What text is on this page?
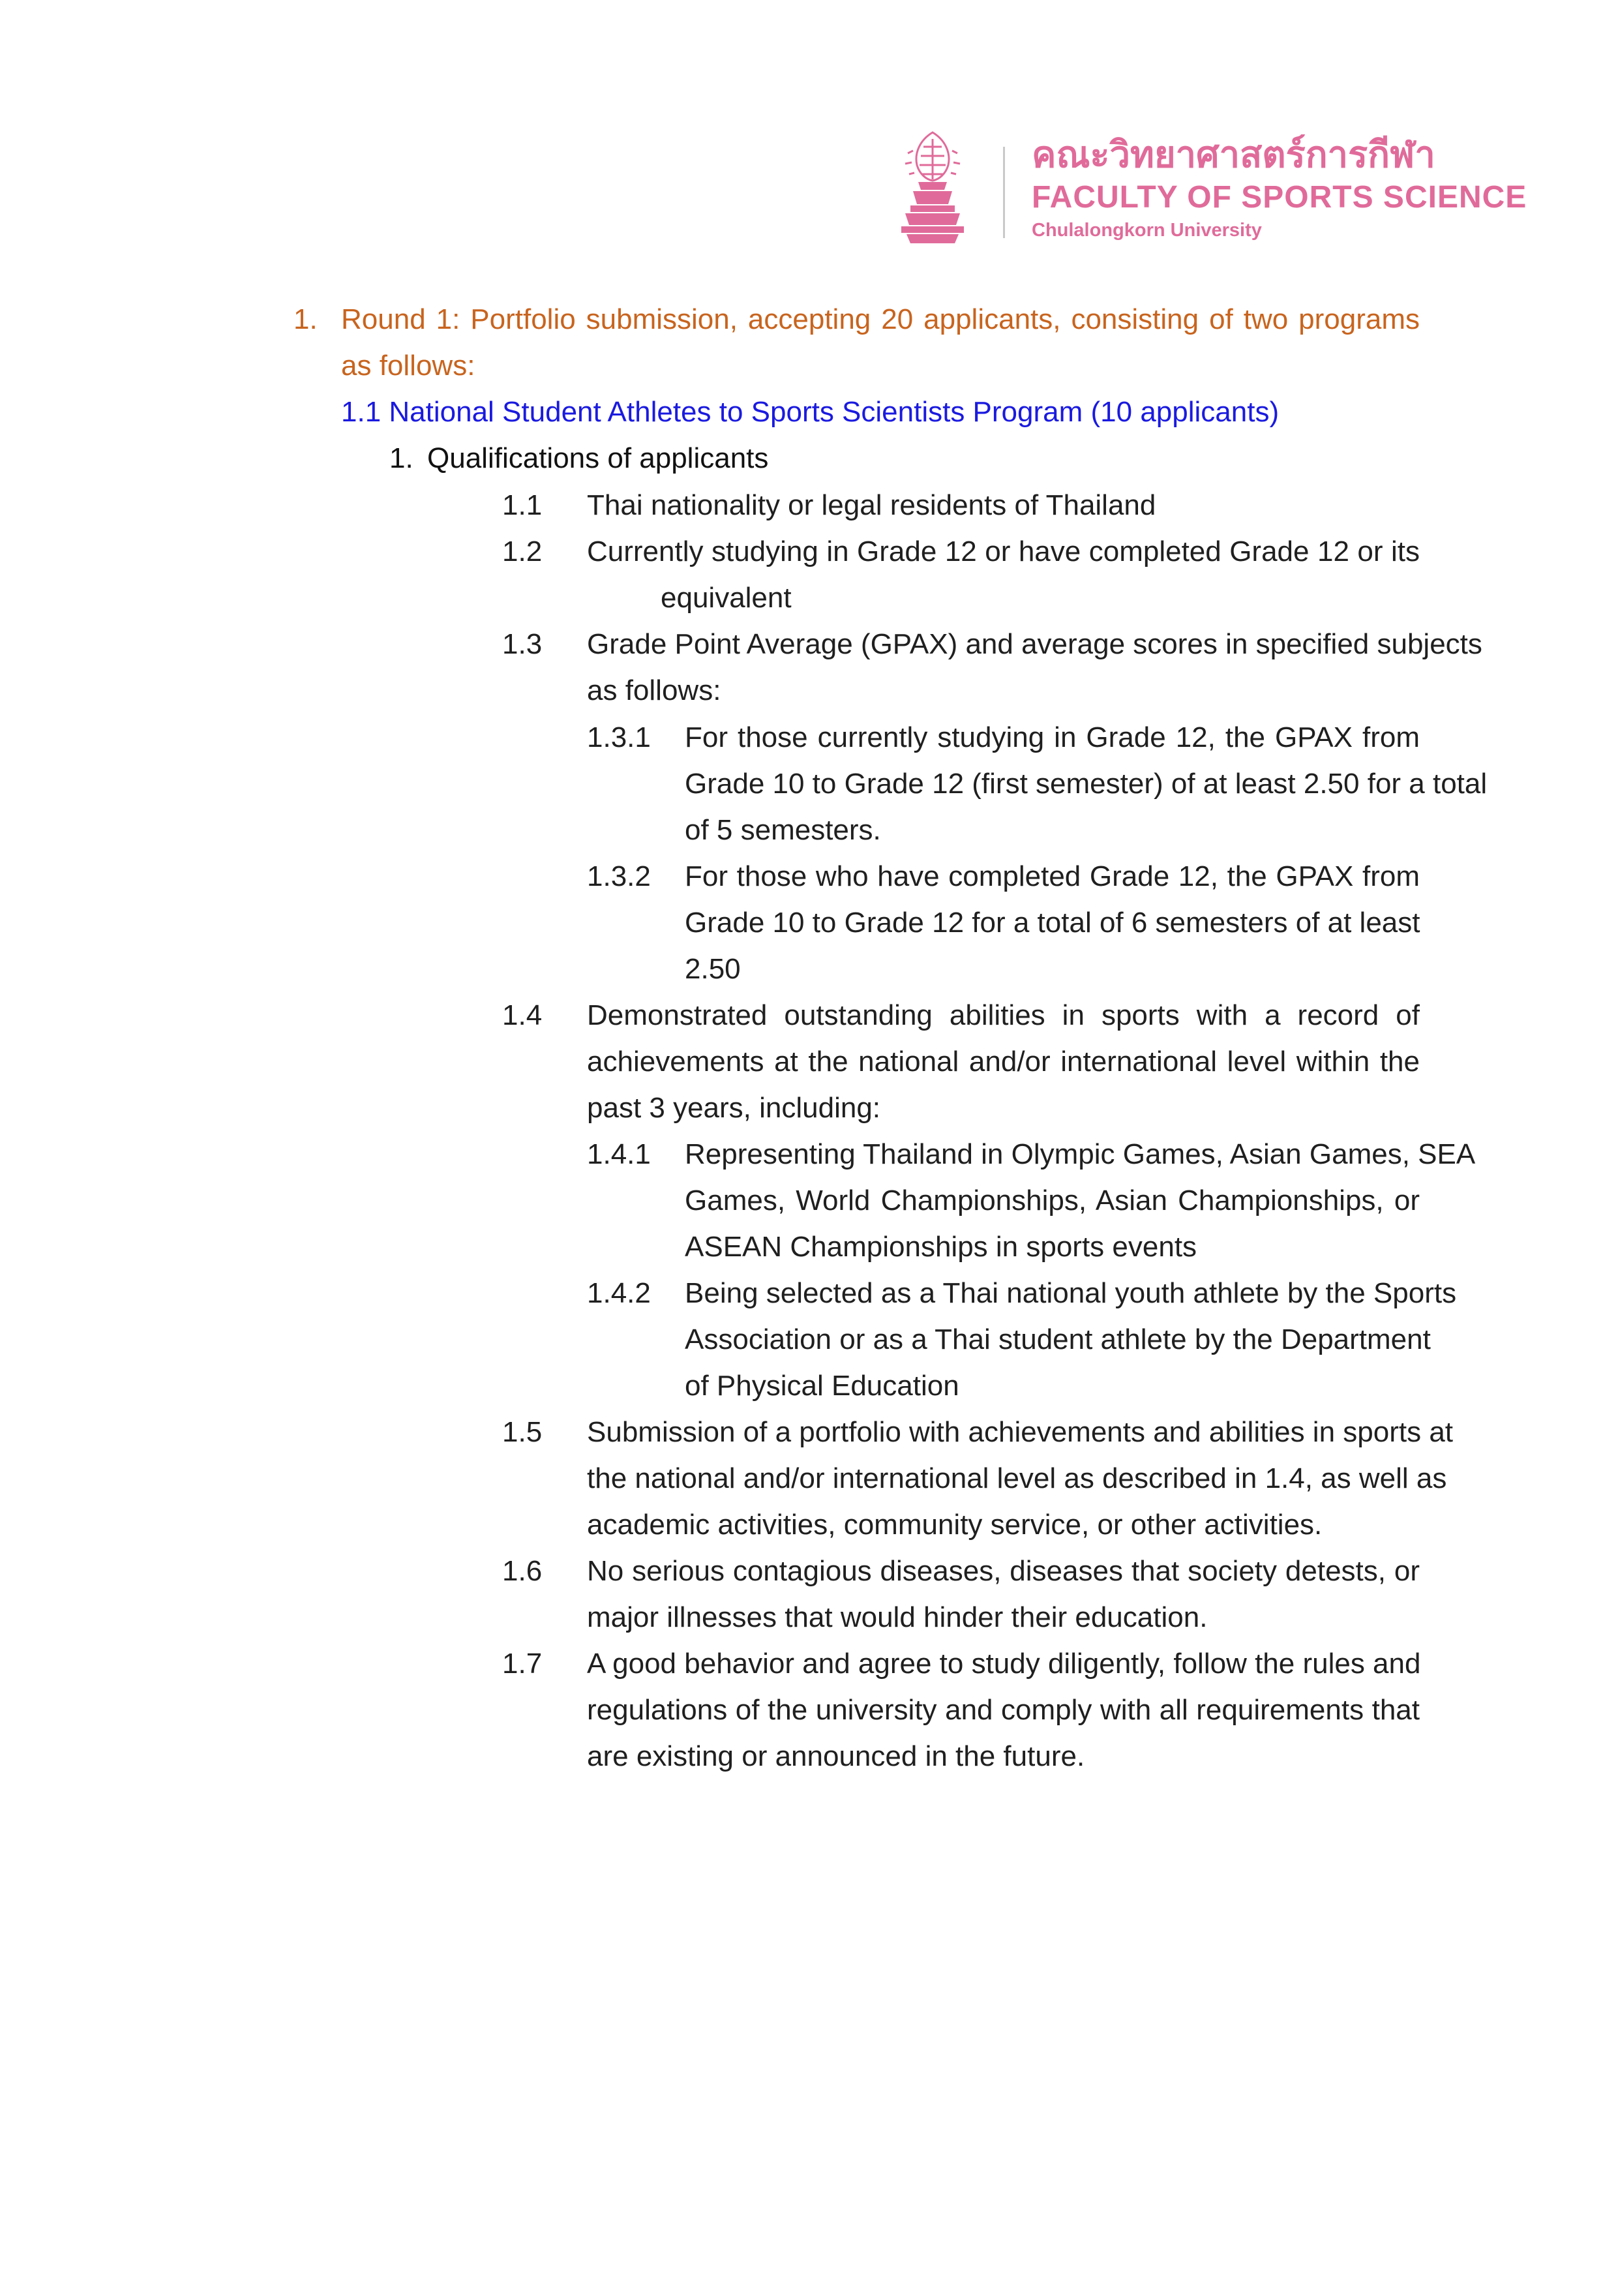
คณะวิทยาศาสตร์การกีฬา
FACULTY OF SPORTS SCIENCE
Chulalongkorn University
1. Round 1: Portfolio submission, accepting 20 applicants, consisting of two programs
as follows:
1.1 National Student Athletes to Sports Scientists Program (10 applicants)
1. Qualifications of applicants
1.1 Thai nationality or legal residents of Thailand
1.2 Currently studying in Grade 12 or have completed Grade 12 or its
equivalent
1.3 Grade Point Average (GPAX) and average scores in specified subjects
as follows:
1.3.1 For those currently studying in Grade 12, the GPAX from
Grade 10 to Grade 12 (first semester) of at least 2.50 for a total
of 5 semesters.
1.3.2 For those who have completed Grade 12, the GPAX from
Grade 10 to Grade 12 for a total of 6 semesters of at least
2.50
1.4 Demonstrated outstanding abilities in sports with a record of
achievements at the national and/or international level within the
past 3 years, including:
1.4.1 Representing Thailand in Olympic Games, Asian Games, SEA
Games, World Championships, Asian Championships, or
ASEAN Championships in sports events
1.4.2 Being selected as a Thai national youth athlete by the Sports
Association or as a Thai student athlete by the Department
of Physical Education
1.5 Submission of a portfolio with achievements and abilities in sports at
the national and/or international level as described in 1.4, as well as
academic activities, community service, or other activities.
1.6 No serious contagious diseases, diseases that society detests, or
major illnesses that would hinder their education.
1.7 A good behavior and agree to study diligently, follow the rules and
regulations of the university and comply with all requirements that
are existing or announced in the future.
